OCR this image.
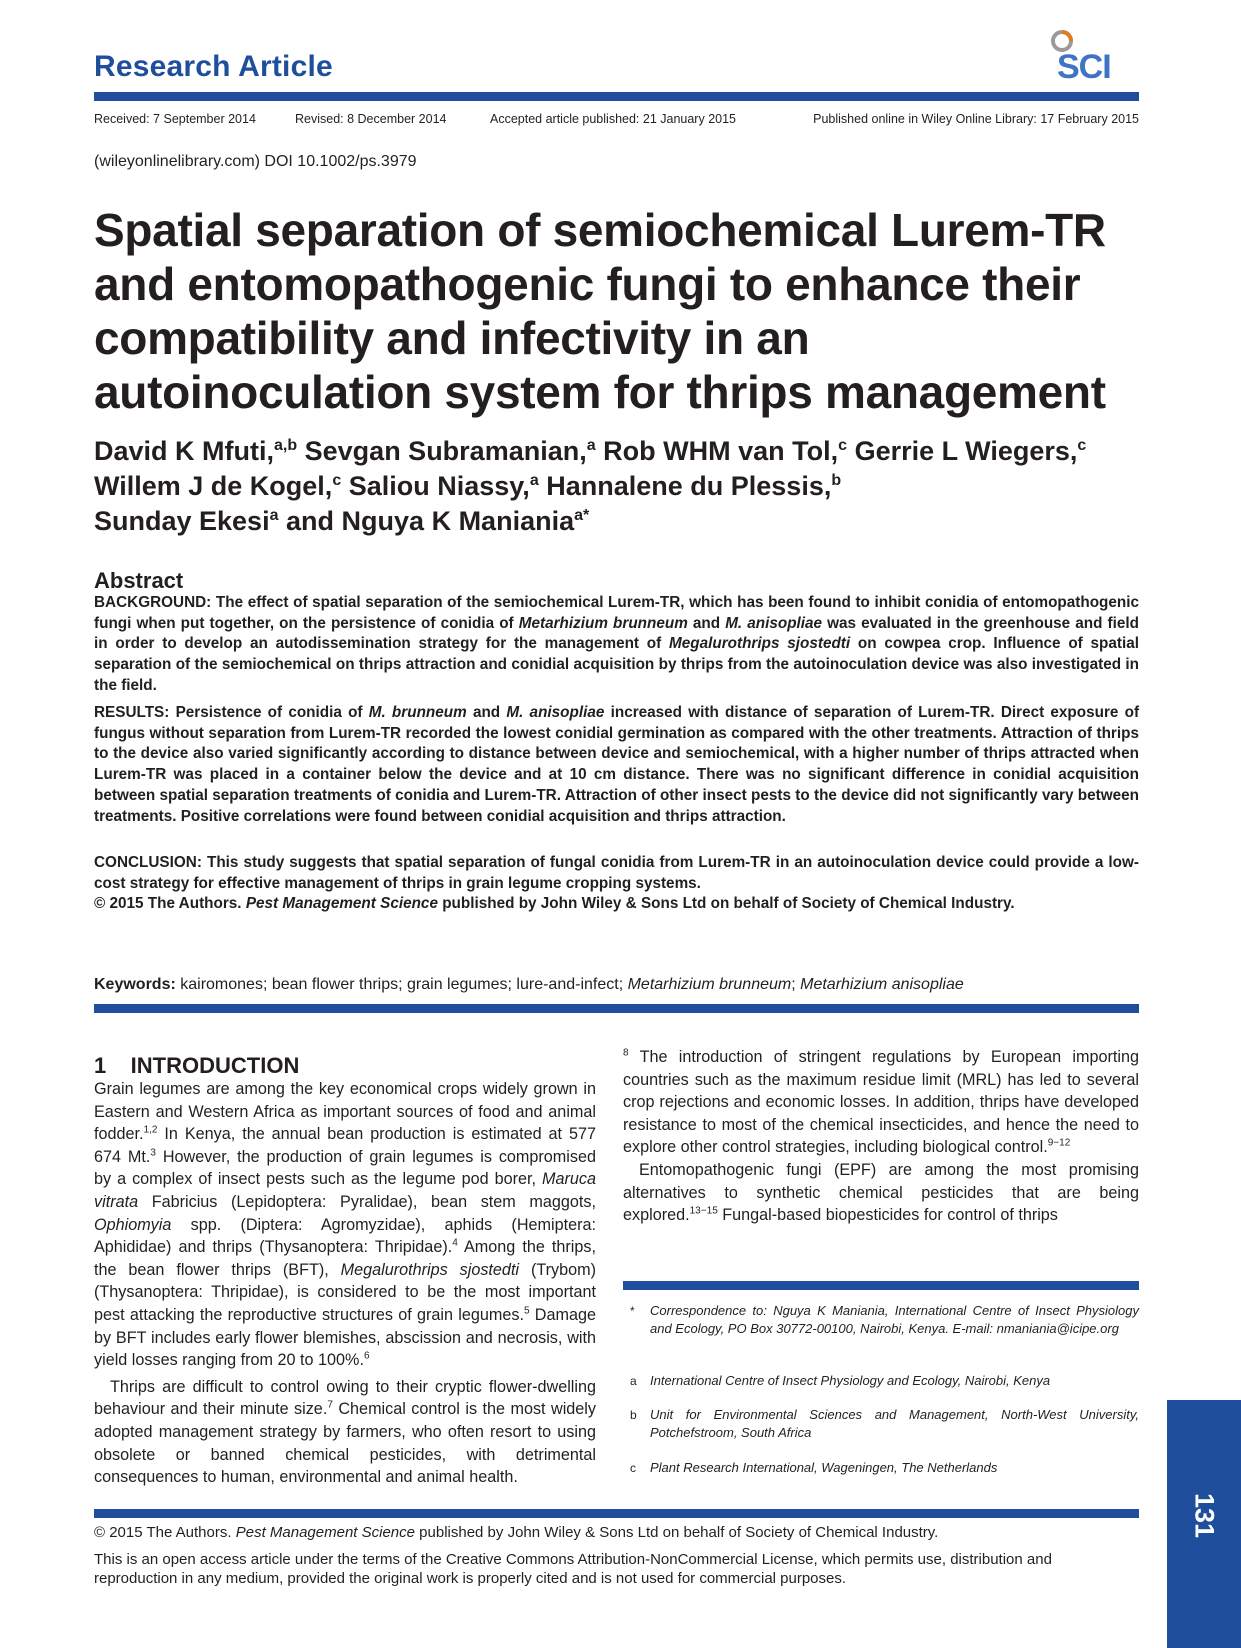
Research Article	SCI
Received: 7 September 2014	Revised: 8 December 2014	Accepted article published: 21 January 2015	Published online in Wiley Online Library: 17 February 2015
(wileyonlinelibrary.com) DOI 10.1002/ps.3979
Spatial separation of semiochemical Lurem-TR and entomopathogenic fungi to enhance their compatibility and infectivity in an autoinoculation system for thrips management
David K Mfuti,$^{a,b}$ Sevgan Subramanian,$^a$ Rob WHM van Tol,$^c$ Gerrie L Wiegers,$^c$ Willem J de Kogel,$^c$ Saliou Niassy,$^a$ Hannalene du Plessis,$^b$
Sunday Ekesi$^a$ and Nguya K Maniania$^{a*}$
Abstract
BACKGROUND: The effect of spatial separation of the semiochemical Lurem-TR, which has been found to inhibit conidia of entomopathogenic fungi when put together, on the persistence of conidia of Metarhizium brunneum and M. anisopliae was evaluated in the greenhouse and field in order to develop an autodissemination strategy for the management of Megalurothrips sjostedti on cowpea crop. Influence of spatial separation of the semiochemical on thrips attraction and conidial acquisition by thrips from the autoinoculation device was also investigated in the field.
RESULTS: Persistence of conidia of M. brunneum and M. anisopliae increased with distance of separation of Lurem-TR. Direct exposure of fungus without separation from Lurem-TR recorded the lowest conidial germination as compared with the other treatments. Attraction of thrips to the device also varied significantly according to distance between device and semiochemical, with a higher number of thrips attracted when Lurem-TR was placed in a container below the device and at 10 cm distance. There was no significant difference in conidial acquisition between spatial separation treatments of conidia and Lurem-TR. Attraction of other insect pests to the device did not significantly vary between treatments. Positive correlations were found between conidial acquisition and thrips attraction.
CONCLUSION: This study suggests that spatial separation of fungal conidia from Lurem-TR in an autoinoculation device could provide a low-cost strategy for effective management of thrips in grain legume cropping systems.
© 2015 The Authors. Pest Management Science published by John Wiley & Sons Ltd on behalf of Society of Chemical Industry.
Keywords: kairomones; bean flower thrips; grain legumes; lure-and-infect; Metarhizium brunneum; Metarhizium anisopliae
1    INTRODUCTION
Grain legumes are among the key economical crops widely grown in Eastern and Western Africa as important sources of food and animal fodder.$^{1,2}$ In Kenya, the annual bean production is estimated at 577 674 Mt.$^3$ However, the production of grain legumes is compromised by a complex of insect pests such as the legume pod borer, Maruca vitrata Fabricius (Lepidoptera: Pyralidae), bean stem maggots, Ophiomyia spp. (Diptera: Agromyzidae), aphids (Hemiptera: Aphididae) and thrips (Thysanoptera: Thripidae).$^4$ Among the thrips, the bean flower thrips (BFT), Megalurothrips sjostedti (Trybom) (Thysanoptera: Thripidae), is considered to be the most important pest attacking the reproductive structures of grain legumes.$^5$ Damage by BFT includes early flower blemishes, abscission and necrosis, with yield losses ranging from 20 to 100%.$^6$
Thrips are difficult to control owing to their cryptic flower-dwelling behaviour and their minute size.$^7$ Chemical control is the most widely adopted management strategy by farmers, who often resort to using obsolete or banned chemical pesticides, with detrimental consequences to human, environmental and animal health.
$^8$ The introduction of stringent regulations by European importing countries such as the maximum residue limit (MRL) has led to several crop rejections and economic losses. In addition, thrips have developed resistance to most of the chemical insecticides, and hence the need to explore other control strategies, including biological control.$^{9-12}$
Entomopathogenic fungi (EPF) are among the most promising alternatives to synthetic chemical pesticides that are being explored.$^{13-15}$ Fungal-based biopesticides for control of thrips
* Correspondence to: Nguya K Maniania, International Centre of Insect Physiology and Ecology, PO Box 30772-00100, Nairobi, Kenya. E-mail: nmaniania@icipe.org
a International Centre of Insect Physiology and Ecology, Nairobi, Kenya
b Unit for Environmental Sciences and Management, North-West University, Potchefstroom, South Africa
c Plant Research International, Wageningen, The Netherlands
© 2015 The Authors. Pest Management Science published by John Wiley & Sons Ltd on behalf of Society of Chemical Industry.
This is an open access article under the terms of the Creative Commons Attribution-NonCommercial License, which permits use, distribution and reproduction in any medium, provided the original work is properly cited and is not used for commercial purposes.
131
